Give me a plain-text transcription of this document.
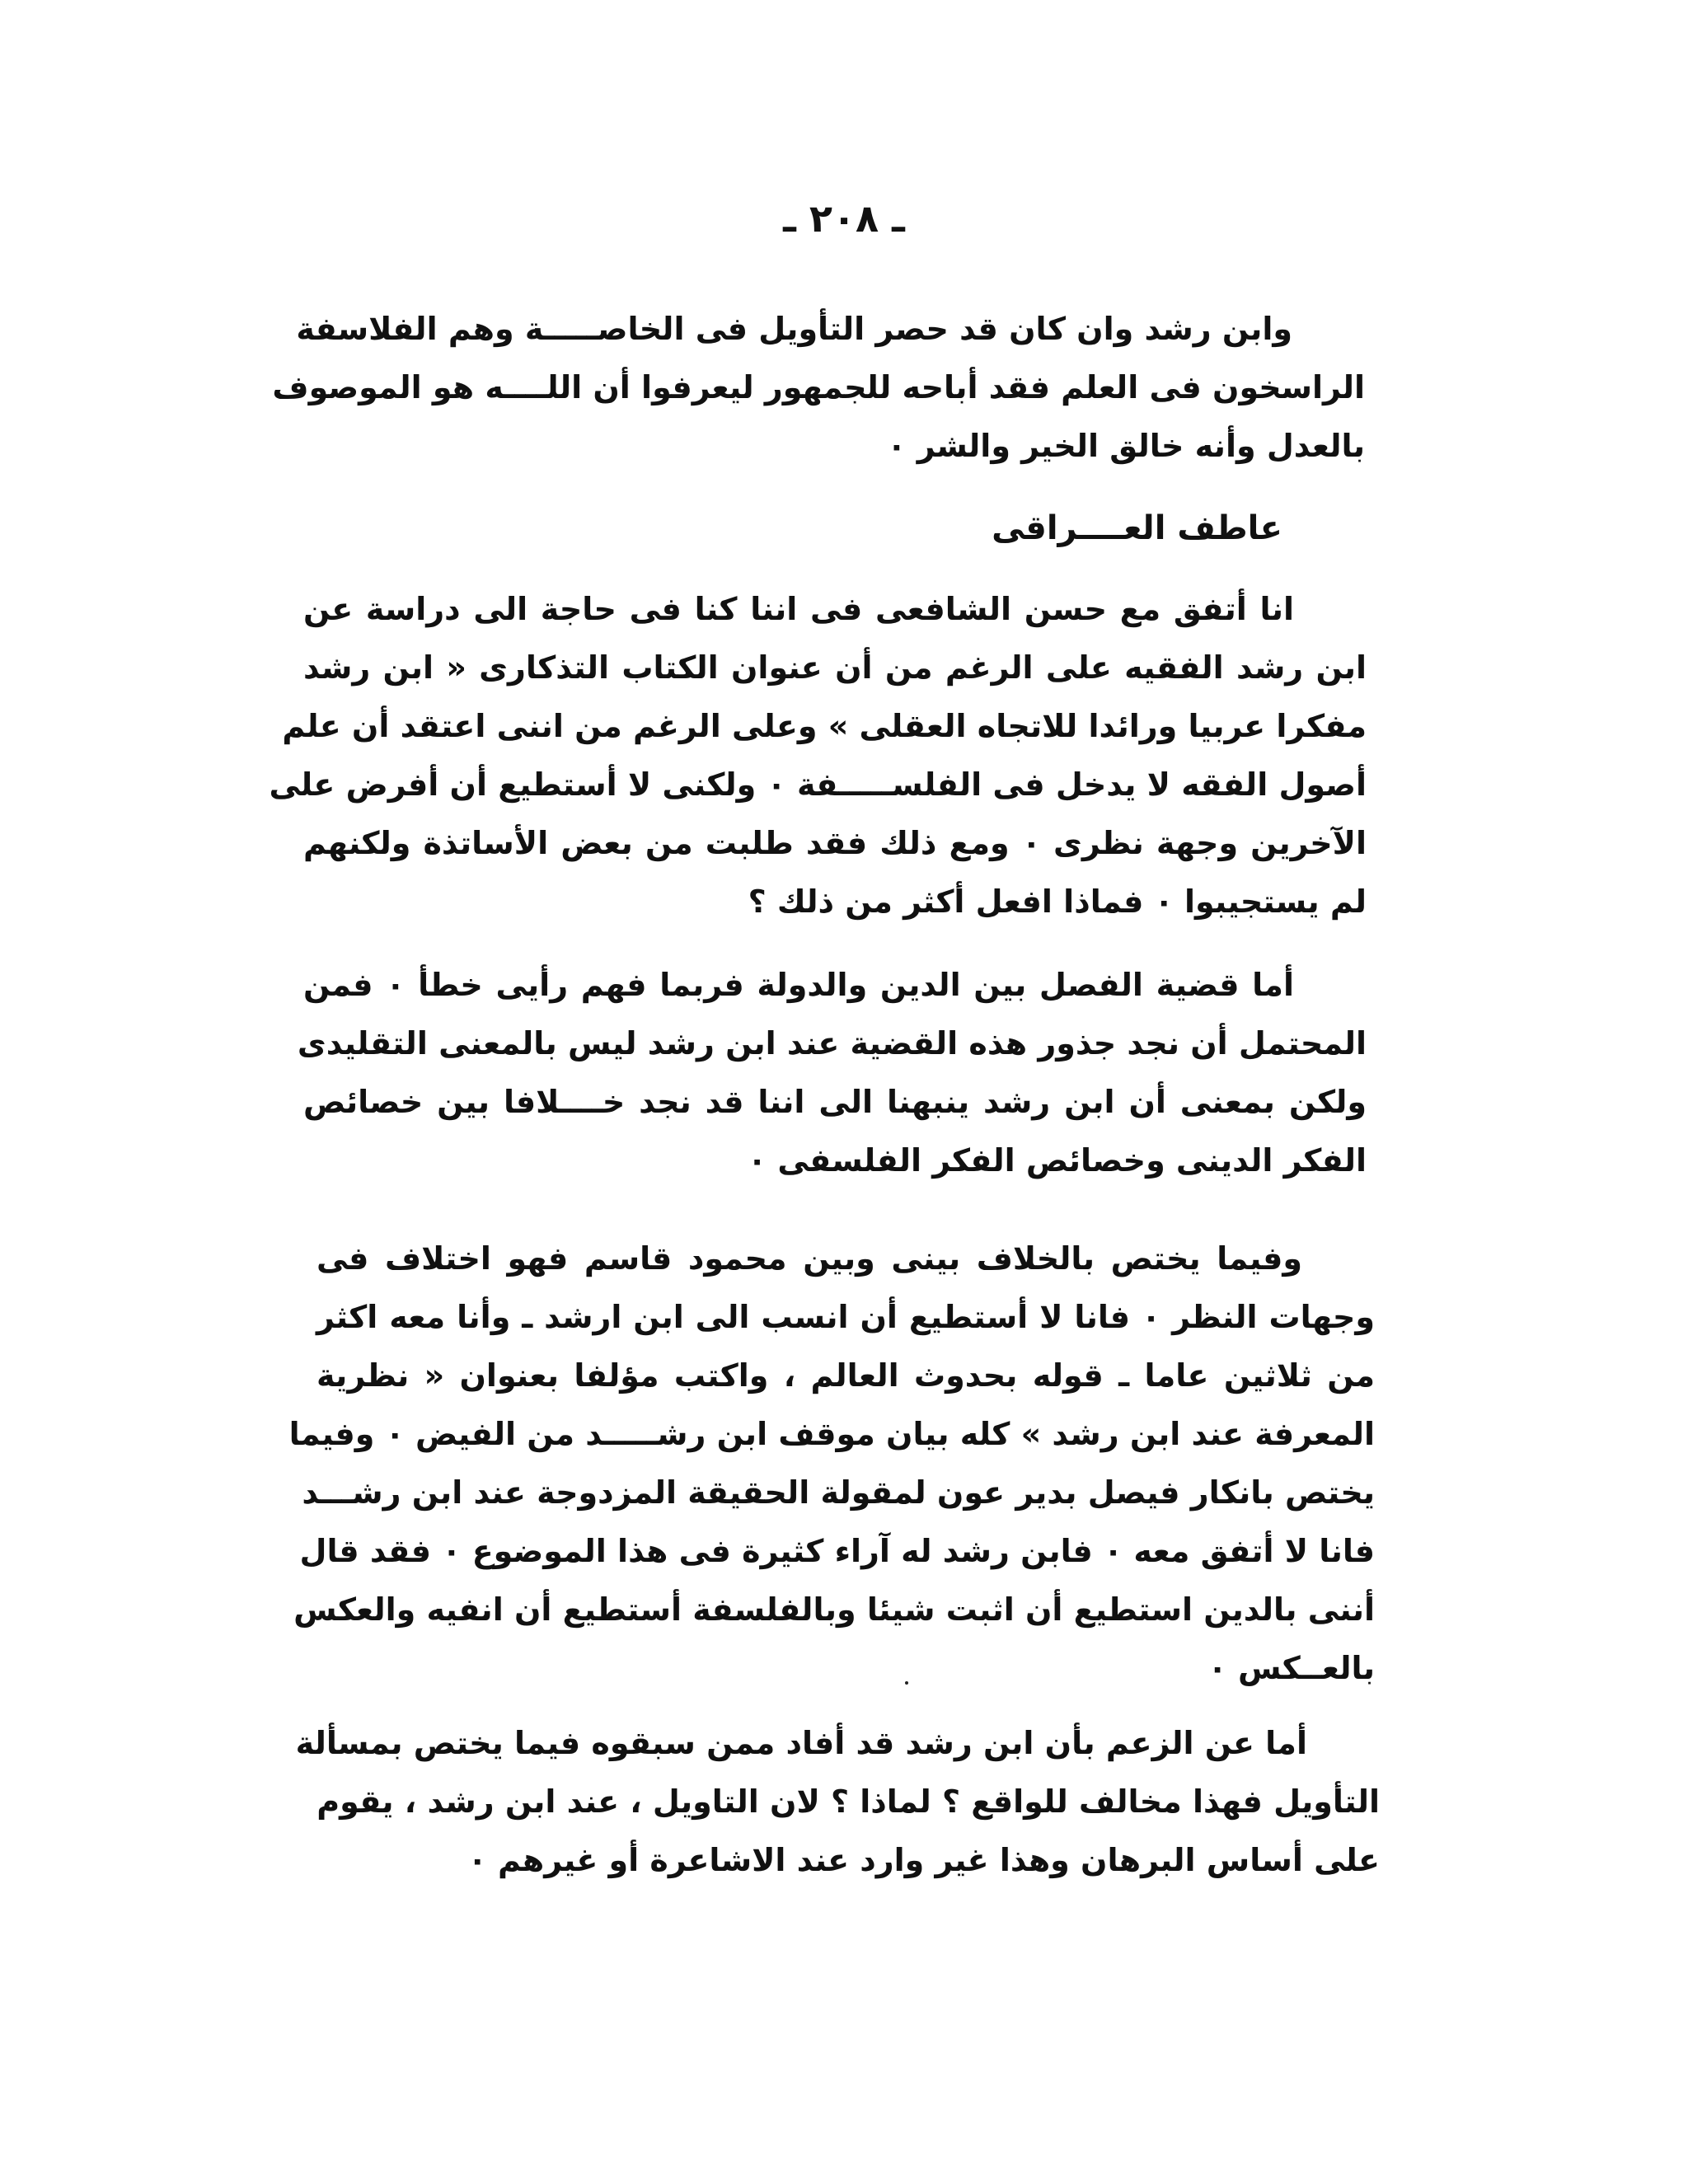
ـ ٢٠٨ ـ
وابن رشد وان كان قد حصر التأويل فى الخاصـــــة وهم الفلاسفة
الراسخون فى العلم فقد أباحه للجمهور ليعرفوا أن اللــــه هو الموصوف
بالعدل وأنه خالق الخير والشر ٠
عاطف العــــراقى
انا أتفق مع حسن الشافعى فى اننا كنا فى حاجة الى دراسة عن
ابن رشد الفقيه على الرغم من أن عنوان الكتاب التذكارى « ابن رشد
مفكرا عربيا ورائدا للاتجاه العقلى » وعلى الرغم من اننى اعتقد أن علم
أصول الفقه لا يدخل فى الفلســـــفة ٠ ولكنى لا أستطيع أن أفرض على
الآخرين وجهة نظرى ٠ ومع ذلك فقد طلبت من بعض الأساتذة ولكنهم
لم يستجيبوا ٠ فماذا افعل أكثر من ذلك ؟
أما قضية الفصل بين الدين والدولة فربما فهم رأيى خطأ ٠ فمن
المحتمل أن نجد جذور هذه القضية عند ابن رشد ليس بالمعنى التقليدى
ولكن بمعنى أن ابن رشد ينبهنا الى اننا قد نجد خــــلافا بين خصائص
الفكر الدينى وخصائص الفكر الفلسفى ٠
وفيما يختص بالخلاف بينى وبين محمود قاسم فهو اختلاف فى
وجهات النظر ٠ فانا لا أستطيع أن انسب الى ابن ارشد ـ وأنا معه اكثر
من ثلاثين عاما ـ قوله بحدوث العالم ، واكتب مؤلفا بعنوان « نظرية
المعرفة عند ابن رشد » كله بيان موقف ابن رشـــــد من الفيض ٠ وفيما
يختص بانكار فيصل بدير عون لمقولة الحقيقة المزدوجة عند ابن رشـــد
فانا لا أتفق معه ٠ فابن رشد له آراء كثيرة فى هذا الموضوع ٠ فقد قال
أننى بالدين استطيع أن اثبت شيئا وبالفلسفة أستطيع أن انفيه والعكس
بالعــكس ٠
أما عن الزعم بأن ابن رشد قد أفاد ممن سبقوه فيما يختص بمسألة
التأويل فهذا مخالف للواقع ؟ لماذا ؟ لان التاويل ، عند ابن رشد ، يقوم
على أساس البرهان وهذا غير وارد عند الاشاعرة أو غيرهم ٠
